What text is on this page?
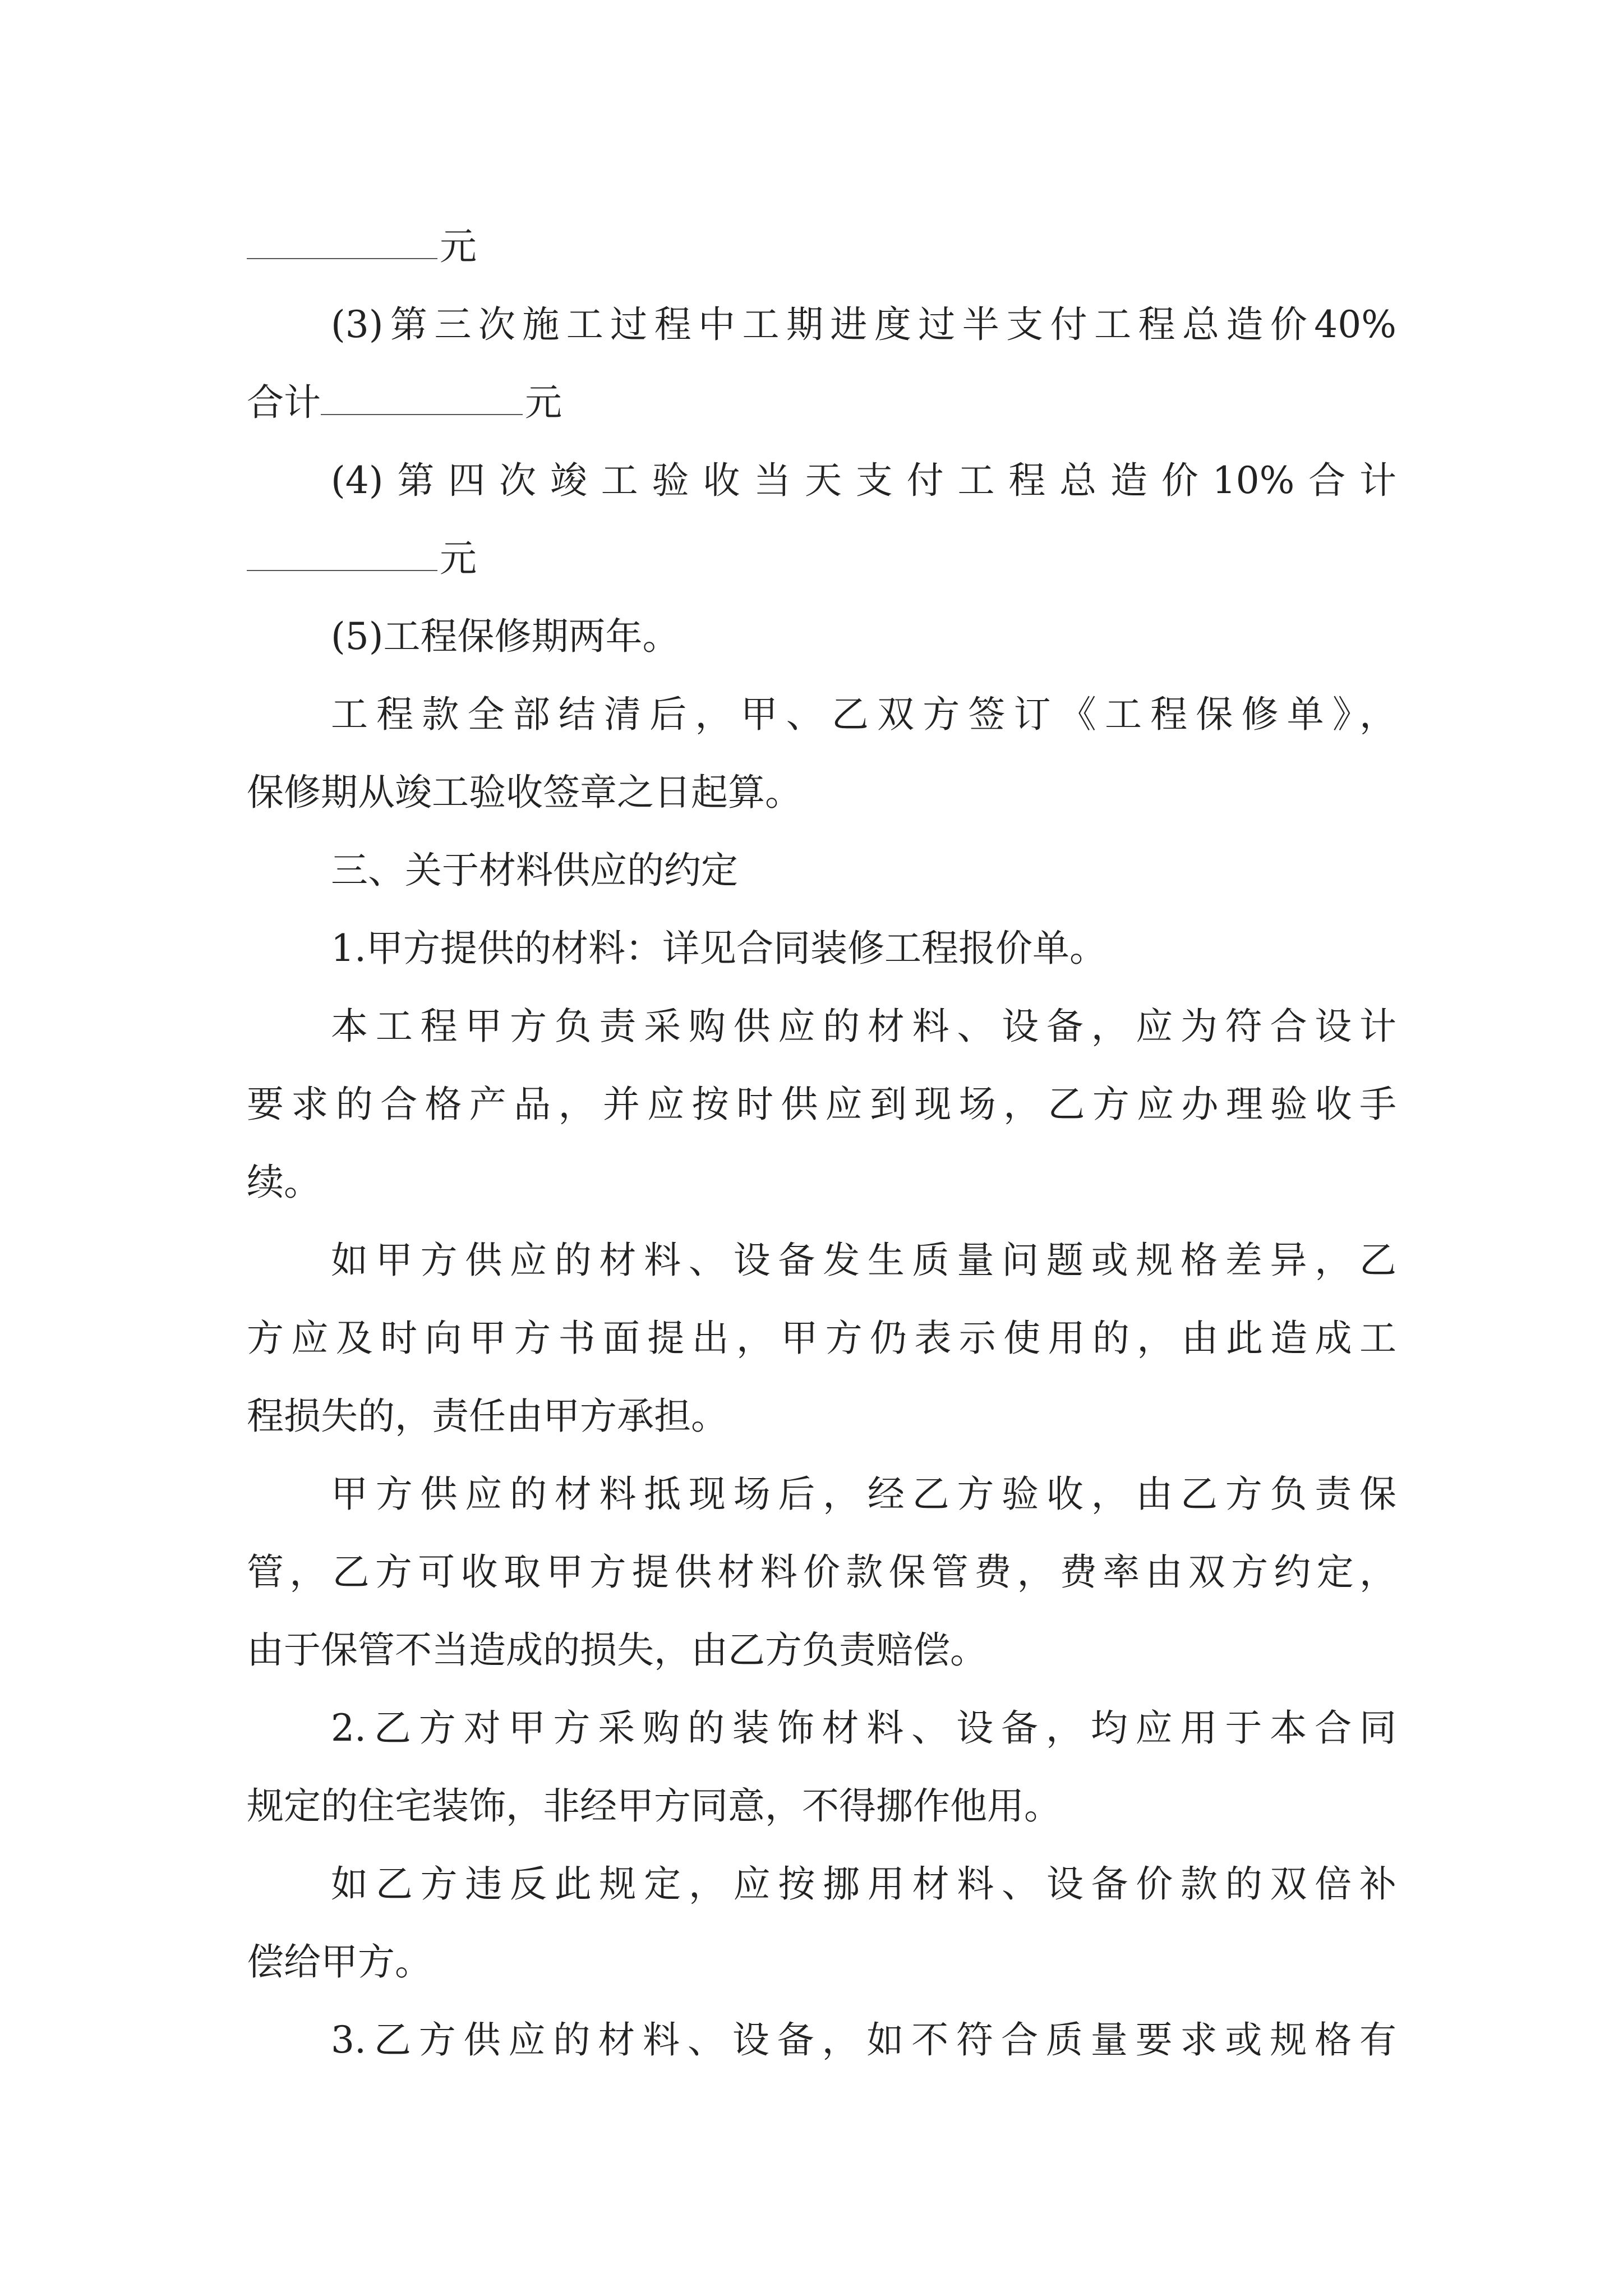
元
(3)第三次施工过程中工期进度过半支付工程总造价40%
合计	元
(4)第四次竣工验收当天支付工程总造价10%合计
元
(5)工程保修期两年。
工程款全部结清后，甲、乙双方签订《工程保修单》，
保修期从竣工验收签章之日起算。
三、关于材料供应的约定
1.甲方提供的材料：详见合同装修工程报价单。
本工程甲方负责采购供应的材料、设备，应为符合设计
要求的合格产品，并应按时供应到现场，乙方应办理验收手
续。
如甲方供应的材料、设备发生质量问题或规格差异，乙
方应及时向甲方书面提出，甲方仍表示使用的，由此造成工
程损失的，责任由甲方承担。
甲方供应的材料抵现场后，经乙方验收，由乙方负责保
管，乙方可收取甲方提供材料价款保管费，费率由双方约定，
由于保管不当造成的损失，由乙方负责赔偿。
2.乙方对甲方采购的装饰材料、设备，均应用于本合同
规定的住宅装饰，非经甲方同意，不得挪作他用。
如乙方违反此规定，应按挪用材料、设备价款的双倍补
偿给甲方。
3.乙方供应的材料、设备，如不符合质量要求或规格有
